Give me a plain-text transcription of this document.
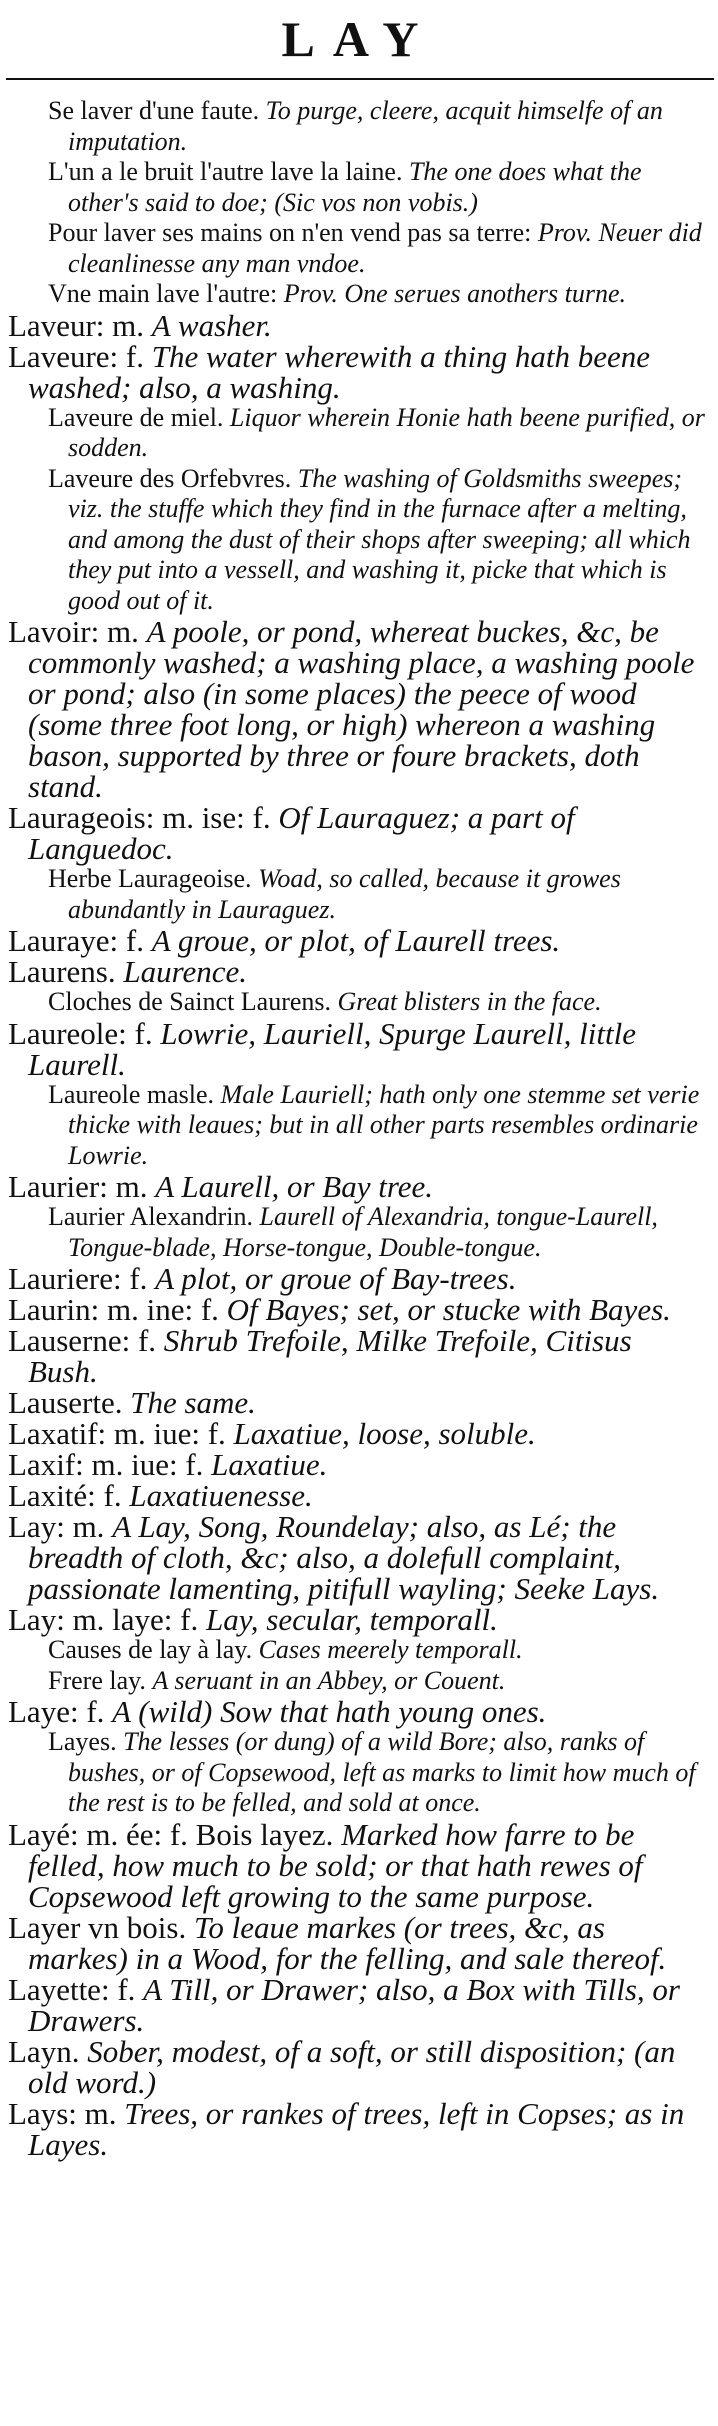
LAY

Se laver d'une faute. To purge, cleere, acquit himselfe of an imputation.

L'un a le bruit l'autre lave la laine. The one does what the other's said to doe; (Sic vos non vobis.)

Pour laver ses mains on n'en vend pas sa terre: Prov. Neuer did cleanlinesse any man vndoe.

Vne main lave l'autre: Prov. One serues anothers turne.

Laveur: m. A washer.

Laveure: f. The water wherewith a thing hath beene washed; also, a washing.

Laveure de miel. Liquor wherein Honie hath beene purified, or sodden.

Laveure des Orfebvres. The washing of Goldsmiths sweepes; viz. the stuffe which they find in the furnace after a melting, and among the dust of their shops after sweeping; all which they put into a vessell, and washing it, picke that which is good out of it.

Lavoir: m. A poole, or pond, whereat buckes, &c, be commonly washed; a washing place, a washing poole or pond; also (in some places) the peece of wood (some three foot long, or high) whereon a washing bason, supported by three or foure brackets, doth stand.

Laurageois: m. ise: f. Of Lauraguez; a part of Languedoc.

Herbe Laurageoise. Woad, so called, because it growes abundantly in Lauraguez.

Lauraye: f. A groue, or plot, of Laurell trees.

Laurens. Laurence.

Cloches de Sainct Laurens. Great blisters in the face.

Laureole: f. Lowrie, Lauriell, Spurge Laurell, little Laurell.

Laureole masle. Male Lauriell; hath only one stemme set verie thicke with leaues; but in all other parts resembles ordinarie Lowrie.

Laurier: m. A Laurell, or Bay tree.

Laurier Alexandrin. Laurell of Alexandria, tongue-Laurell, Tongue-blade, Horse-tongue, Double-tongue.

Lauriere: f. A plot, or groue of Bay-trees.

Laurin: m. ine: f. Of Bayes; set, or stucke with Bayes.

Lauserne: f. Shrub Trefoile, Milke Trefoile, Citisus Bush.

Lauserte. The same.

Laxatif: m. iue: f. Laxatiue, loose, soluble.

Laxif: m. iue: f. Laxatiue.

Laxité: f. Laxatiuenesse.

Lay: m. A Lay, Song, Roundelay; also, as Lé; the breadth of cloth, &c; also, a dolefull complaint, passionate lamenting, pitifull wayling; Seeke Lays.

Lay: m. laye: f. Lay, secular, temporall.

Causes de lay à lay. Cases meerely temporall.

Frere lay. A seruant in an Abbey, or Couent.

Laye: f. A (wild) Sow that hath young ones.

Layes. The lesses (or dung) of a wild Bore; also, ranks of bushes, or of Copsewood, left as marks to limit how much of the rest is to be felled, and sold at once.

Layé: m. ée: f. Bois layez. Marked how farre to be felled, how much to be sold; or that hath rewes of Copsewood left growing to the same purpose.

Layer vn bois. To leaue markes (or trees, &c, as markes) in a Wood, for the felling, and sale thereof.

Layette: f. A Till, or Drawer; also, a Box with Tills, or Drawers.

Layn. Sober, modest, of a soft, or still disposition; (an old word.)

Lays: m. Trees, or rankes of trees, left in Copses; as in Layes.
